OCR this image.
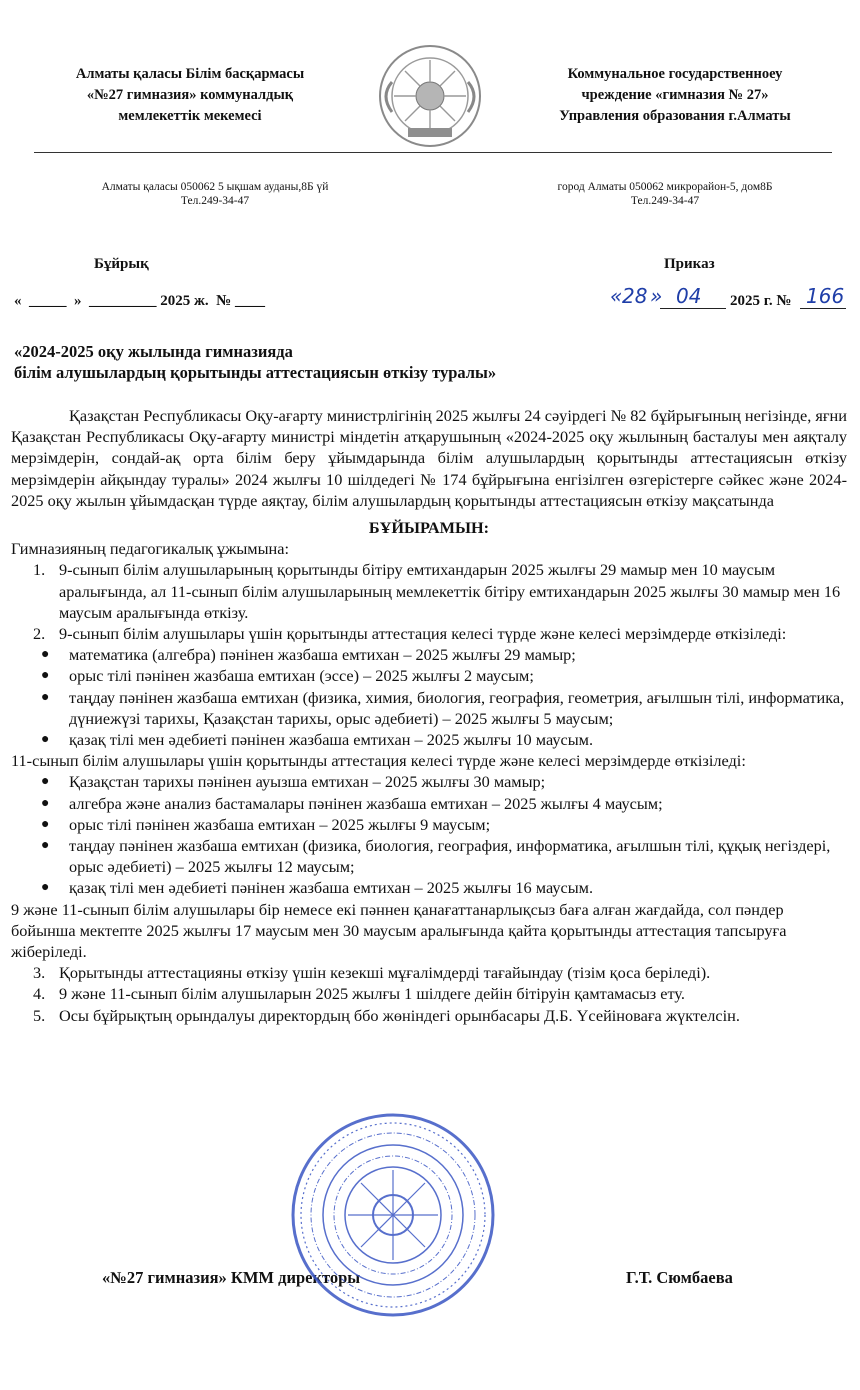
Алматы қаласы Білім басқармасы
«№27 гимназия» коммуналдық
мемлекеттік мекемесі
Коммунальное государственноеу
чреждение «гимназия № 27»
Управления образования г.Алматы
Алматы қаласы 050062 5 ықшам ауданы,8Б үй
Тел.249-34-47
город Алматы 050062 микрорайон-5, дом8Б
Тел.249-34-47
Бұйрық	Приказ
«  _____  »  _________ 2025 ж.  № ____	« 28 » 04 2025 г. № 166
«2024-2025 оқу жылында гимназияда
білім алушылардың қорытынды аттестациясын өткізу туралы»
Қазақстан Республикасы Оқу-ағарту министрлігінің 2025 жылғы 24 сәуірдегі № 82 бұйрығының негізінде, яғни Қазақстан Республикасы Оқу-ағарту министрі міндетін атқарушының «2024-2025 оқу жылының басталуы мен аяқталу мерзімдерін, сондай-ақ орта білім беру ұйымдарында білім алушылардың қорытынды аттестациясын өткізу мерзімдерін айқындау туралы» 2024 жылғы 10 шілдедегі № 174 бұйрығына енгізілген өзгерістерге сәйкес және 2024-2025 оқу жылын ұйымдасқан түрде аяқтау, білім алушылардың қорытынды аттестациясын өткізу мақсатында
БҰЙЫРАМЫН:
Гимназияның педагогикалық ұжымына:
1. 9-сынып білім алушыларының қорытынды бітіру емтихандарын 2025 жылғы 29 мамыр мен 10 маусым аралығында, ал 11-сынып білім алушыларының мемлекеттік бітіру емтихандарын 2025 жылғы 30 мамыр мен 16 маусым аралығында өткізу.
2. 9-сынып білім алушылары үшін қорытынды аттестация келесі түрде және келесі мерзімдерде өткізіледі:
● математика (алгебра) пәнінен жазбаша емтихан – 2025 жылғы 29 мамыр;
● орыс тілі пәнінен жазбаша емтихан (эссе) – 2025 жылғы 2 маусым;
● таңдау пәнінен жазбаша емтихан (физика, химия, биология, география, геометрия, ағылшын тілі, информатика, дүниежүзі тарихы, Қазақстан тарихы, орыс әдебиеті) – 2025 жылғы 5 маусым;
● қазақ тілі мен әдебиеті пәнінен жазбаша емтихан – 2025 жылғы 10 маусым.
11-сынып білім алушылары үшін қорытынды аттестация келесі түрде және келесі мерзімдерде өткізіледі:
● Қазақстан тарихы пәнінен ауызша емтихан – 2025 жылғы 30 мамыр;
● алгебра және анализ бастамалары пәнінен жазбаша емтихан – 2025 жылғы 4 маусым;
● орыс тілі пәнінен жазбаша емтихан – 2025 жылғы 9 маусым;
● таңдау пәнінен жазбаша емтихан (физика, биология, география, информатика, ағылшын тілі, құқық негіздері, орыс әдебиеті) – 2025 жылғы 12 маусым;
● қазақ тілі мен әдебиеті пәнінен жазбаша емтихан – 2025 жылғы 16 маусым.
9 және 11-сынып білім алушылары бір немесе екі пәннен қанағаттанарлықсыз баға алған жағдайда, сол пәндер бойынша мектепте 2025 жылғы 17 маусым мен 30 маусым аралығында қайта қорытынды аттестация тапсыруға жіберіледі.
3. Қорытынды аттестацияны өткізу үшін кезекші мұғалімдерді тағайындау (тізім қоса беріледі).
4. 9 және 11-сынып білім алушыларын 2025 жылғы 1 шілдеге дейін бітіруін қамтамасыз ету.
5. Осы бұйрықтың орындалуы директордың ббо жөніндегі орынбасары Д.Б. Үсейіноваға жүктелсін.
«№27 гимназия» КММ директоры	Г.Т. Сюмбаева
